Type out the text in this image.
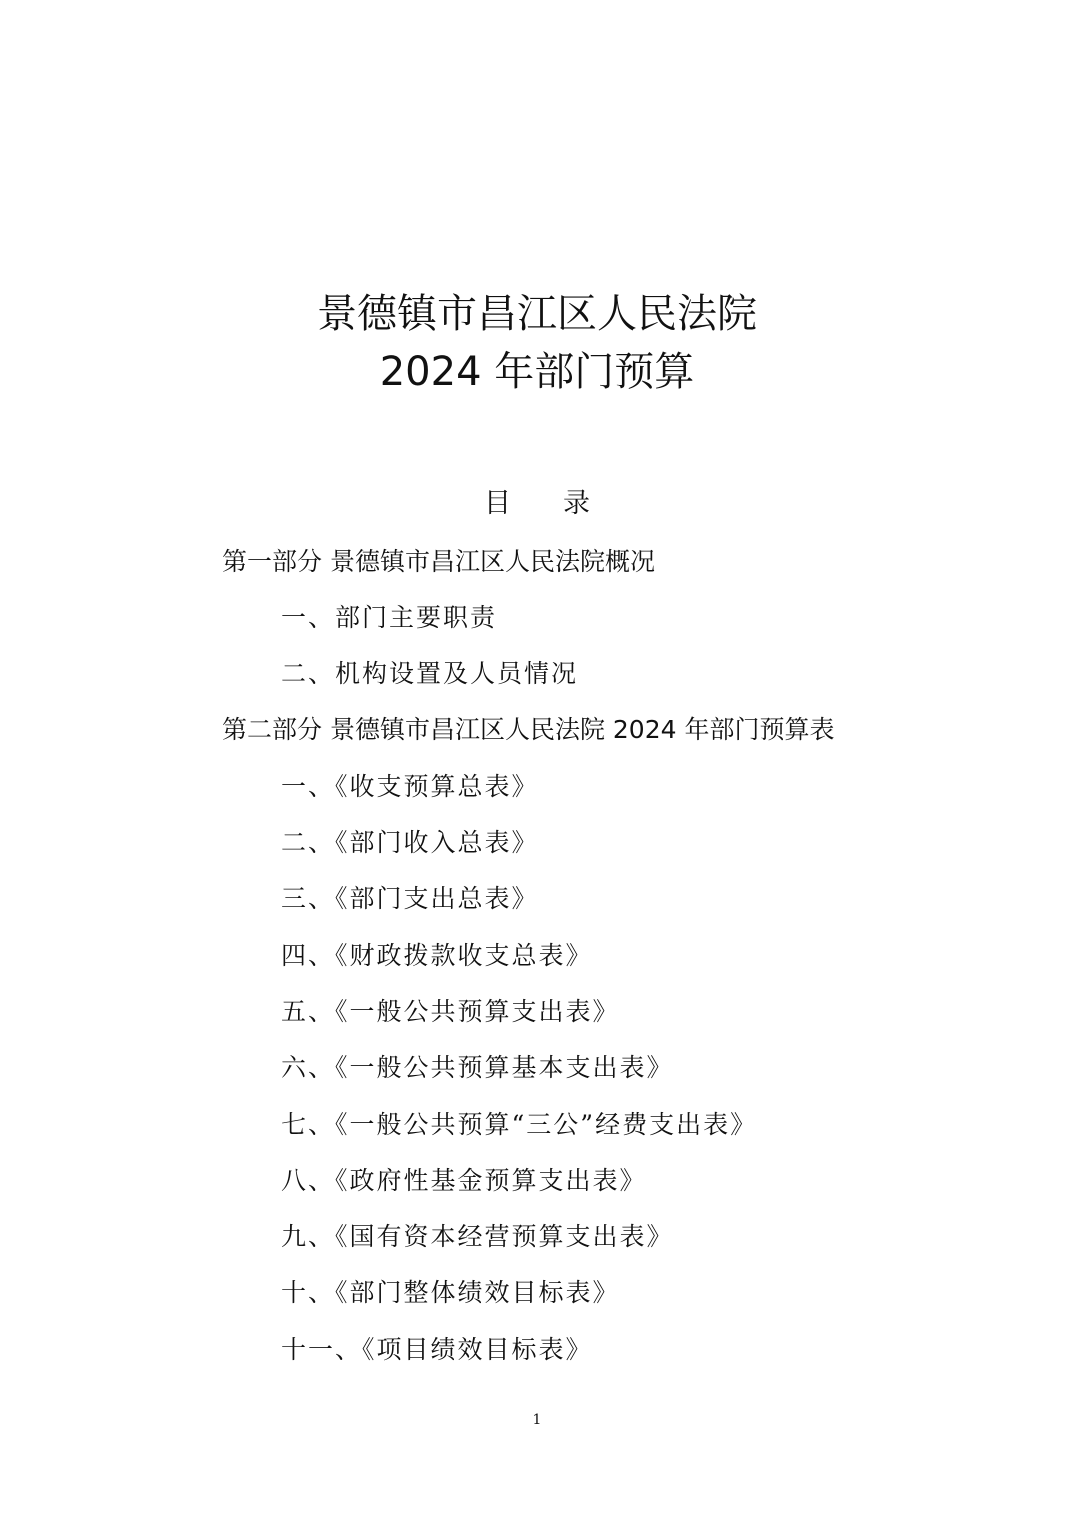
景德镇市昌江区人民法院
2024 年部门预算
目录
第一部分 景德镇市昌江区人民法院概况
一、部门主要职责
二、机构设置及人员情况
第二部分 景德镇市昌江区人民法院 2024 年部门预算表
一、《收支预算总表》
二、《部门收入总表》
三、《部门支出总表》
四、《财政拨款收支总表》
五、《一般公共预算支出表》
六、《一般公共预算基本支出表》
七、《一般公共预算“三公”经费支出表》
八、《政府性基金预算支出表》
九、《国有资本经营预算支出表》
十、《部门整体绩效目标表》
十一、《项目绩效目标表》
1
